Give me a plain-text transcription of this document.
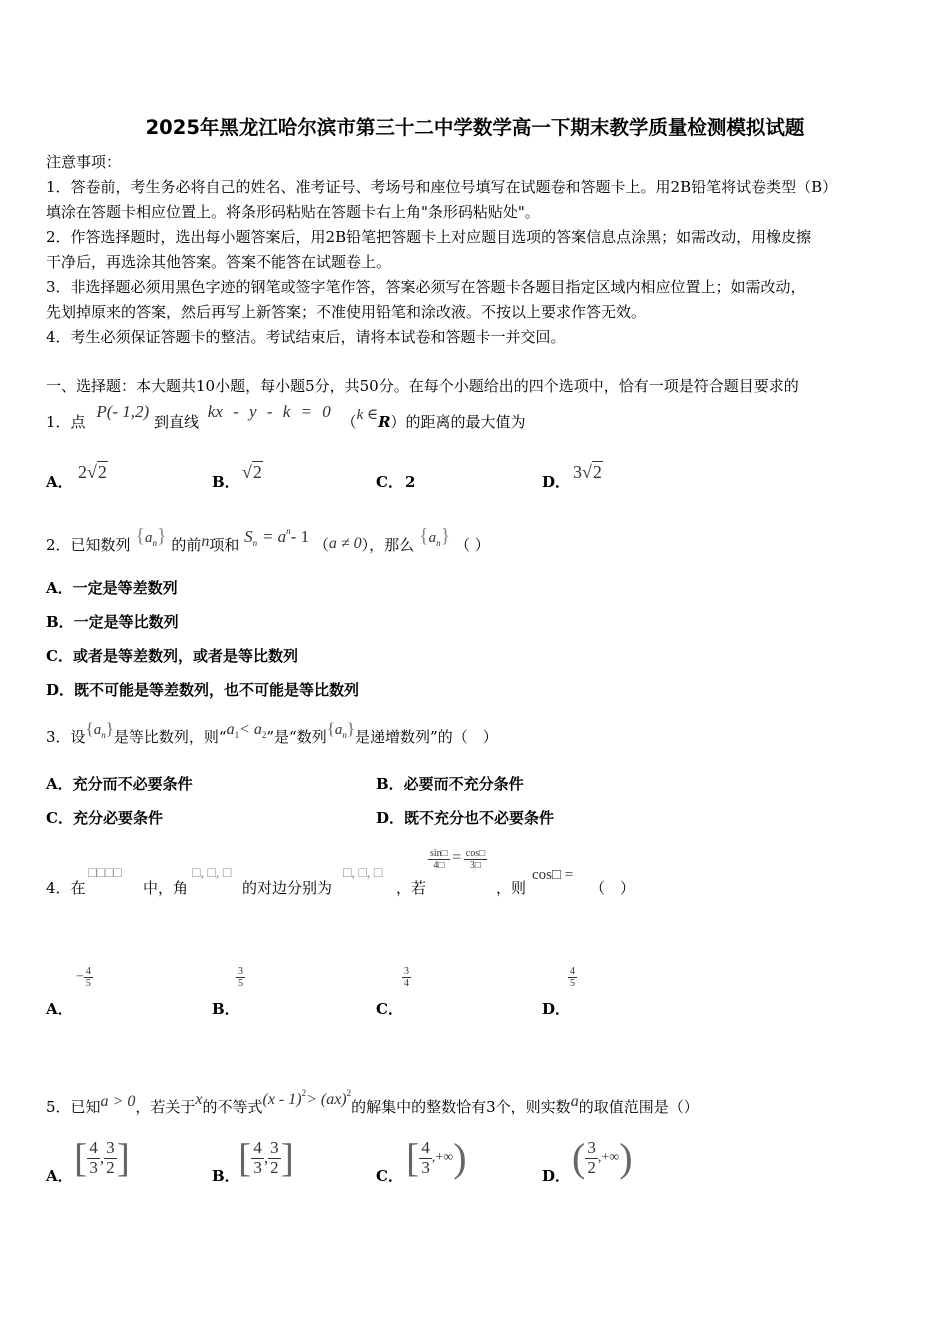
2025年黑龙江哈尔滨市第三十二中学数学高一下期末教学质量检测模拟试题
注意事项：
1．答卷前，考生务必将自己的姓名、准考证号、考场号和座位号填写在试题卷和答题卡上。用2B铅笔将试卷类型（B）
填涂在答题卡相应位置上。将条形码粘贴在答题卡右上角"条形码粘贴处"。
2．作答选择题时，选出每小题答案后，用2B铅笔把答题卡上对应题目选项的答案信息点涂黑；如需改动，用橡皮擦
干净后，再选涂其他答案。答案不能答在试题卷上。
3．非选择题必须用黑色字迹的钢笔或签字笔作答，答案必须写在答题卡各题目指定区域内相应位置上；如需改动，
先划掉原来的答案，然后再写上新答案；不准使用铅笔和涂改液。不按以上要求作答无效。
4．考生必须保证答题卡的整洁。考试结束后，请将本试卷和答题卡一并交回。
一、选择题：本大题共10小题，每小题5分，共50分。在每个小题给出的四个选项中，恰有一项是符合题目要求的
1．点 P(- 1,2) 到直线 kx - y - k = 0 （k ∈R）的距离的最大值为
A． 2√2	B． √2	C． 2	D． 3√2
2．已知数列 $\{a_n\}$ 的前n项和 $S_n = a^n-$ 1 （a ≠ 0），那么 $\{a_n\}$ （ ）
A．一定是等差数列
B．一定是等比数列
C．或者是等差数列，或者是等比数列
D．既不可能是等差数列，也不可能是等比数列
3．设$\{a_n\}$是等比数列，则“$a_1< a_2$”是“数列$\{a_n\}$是递增数列”的（　）
A．充分而不必要条件	B．必要而不充分条件
C．充分必要条件	D．既不充分也不必要条件
4．在
□□□□
中，角
□, □, □
的对边分别为
□, □, □
，若
$\frac{\sin□}{4□} = \frac{\cos□}{3□}$
，则
cos□ =
（　）
A．
− $\frac{4}{5}$
B．
$\frac{3}{5}$
C．
$\frac{3}{4}$
D．
$\frac{4}{5}$
5．已知a > 0，若关于x的不等式(x - 1)$^2$> (ax)$^2$的解集中的整数恰有3个，则实数a的取值范围是（）
A． [ $\frac{4}{3}$ , $\frac{3}{2}$ ]	B．
[ $\frac{4}{3}$ , $\frac{3}{2}$ ]	C． [ $\frac{4}{3}$ ,+∞)	D． ( $\frac{3}{2}$ ,+∞)
